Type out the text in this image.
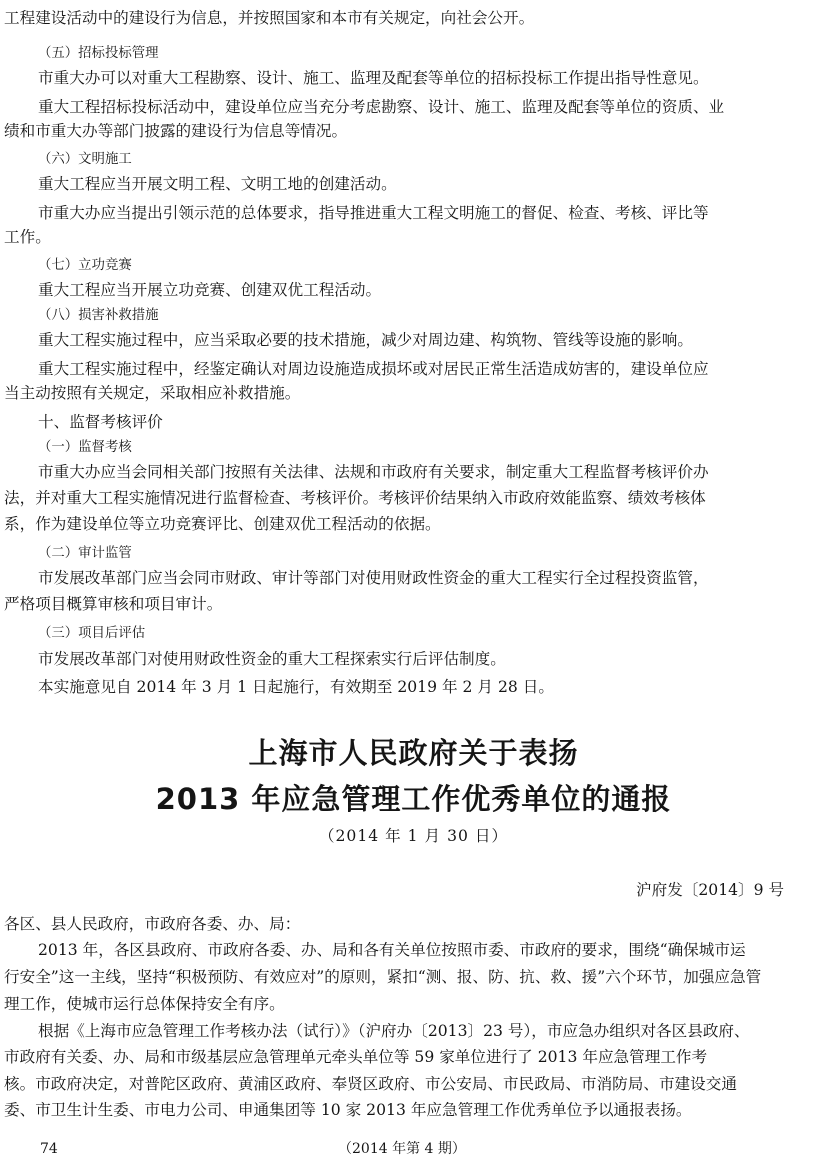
工程建设活动中的建设行为信息，并按照国家和本市有关规定，向社会公开。
（五）招标投标管理
市重大办可以对重大工程勘察、设计、施工、监理及配套等单位的招标投标工作提出指导性意见。
重大工程招标投标活动中，建设单位应当充分考虑勘察、设计、施工、监理及配套等单位的资质、业
绩和市重大办等部门披露的建设行为信息等情况。
（六）文明施工
重大工程应当开展文明工程、文明工地的创建活动。
市重大办应当提出引领示范的总体要求，指导推进重大工程文明施工的督促、检查、考核、评比等
工作。
（七）立功竞赛
重大工程应当开展立功竞赛、创建双优工程活动。
（八）损害补救措施
重大工程实施过程中，应当采取必要的技术措施，减少对周边建、构筑物、管线等设施的影响。
重大工程实施过程中，经鉴定确认对周边设施造成损坏或对居民正常生活造成妨害的，建设单位应
当主动按照有关规定，采取相应补救措施。
十、监督考核评价
（一）监督考核
市重大办应当会同相关部门按照有关法律、法规和市政府有关要求，制定重大工程监督考核评价办
法，并对重大工程实施情况进行监督检查、考核评价。考核评价结果纳入市政府效能监察、绩效考核体
系，作为建设单位等立功竞赛评比、创建双优工程活动的依据。
（二）审计监管
市发展改革部门应当会同市财政、审计等部门对使用财政性资金的重大工程实行全过程投资监管，
严格项目概算审核和项目审计。
（三）项目后评估
市发展改革部门对使用财政性资金的重大工程探索实行后评估制度。
本实施意见自 2014 年 3 月 1 日起施行，有效期至 2019 年 2 月 28 日。
上海市人民政府关于表扬
2013 年应急管理工作优秀单位的通报
（2014 年 1 月 30 日）
沪府发〔2014〕9 号
各区、县人民政府，市政府各委、办、局：
2013 年，各区县政府、市政府各委、办、局和各有关单位按照市委、市政府的要求，围绕“确保城市运
行安全”这一主线，坚持“积极预防、有效应对”的原则，紧扣“测、报、防、抗、救、援”六个环节，加强应急管
理工作，使城市运行总体保持安全有序。
根据《上海市应急管理工作考核办法（试行）》（沪府办〔2013〕23 号），市应急办组织对各区县政府、
市政府有关委、办、局和市级基层应急管理单元牵头单位等 59 家单位进行了 2013 年应急管理工作考
核。市政府决定，对普陀区政府、黄浦区政府、奉贤区政府、市公安局、市民政局、市消防局、市建设交通
委、市卫生计生委、市电力公司、申通集团等 10 家 2013 年应急管理工作优秀单位予以通报表扬。
74	（2014 年第 4 期）
